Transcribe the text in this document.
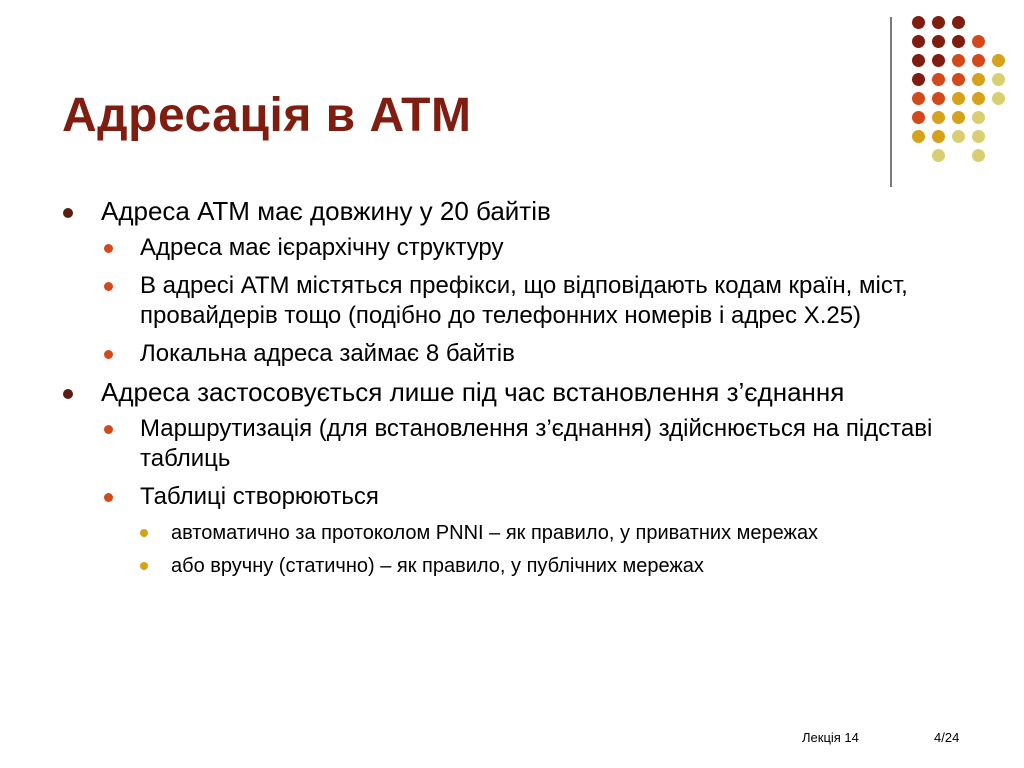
Адресація в ATM
Адреса АТМ має довжину у 20 байтів
Адреса має ієрархічну структуру
В адресі АТМ містяться префікси, що відповідають кодам країн, міст, провайдерів тощо (подібно до телефонних номерів і адрес Х.25)
Локальна адреса займає 8 байтів
Адреса застосовується лише під час встановлення з’єднання
Маршрутизація (для встановлення з’єднання) здійснюється на підставі таблиць
Таблиці створюються
автоматично за протоколом PNNI – як правило, у приватних мережах
або вручну (статично) – як правило, у публічних мережах
Лекція 14	4/24
